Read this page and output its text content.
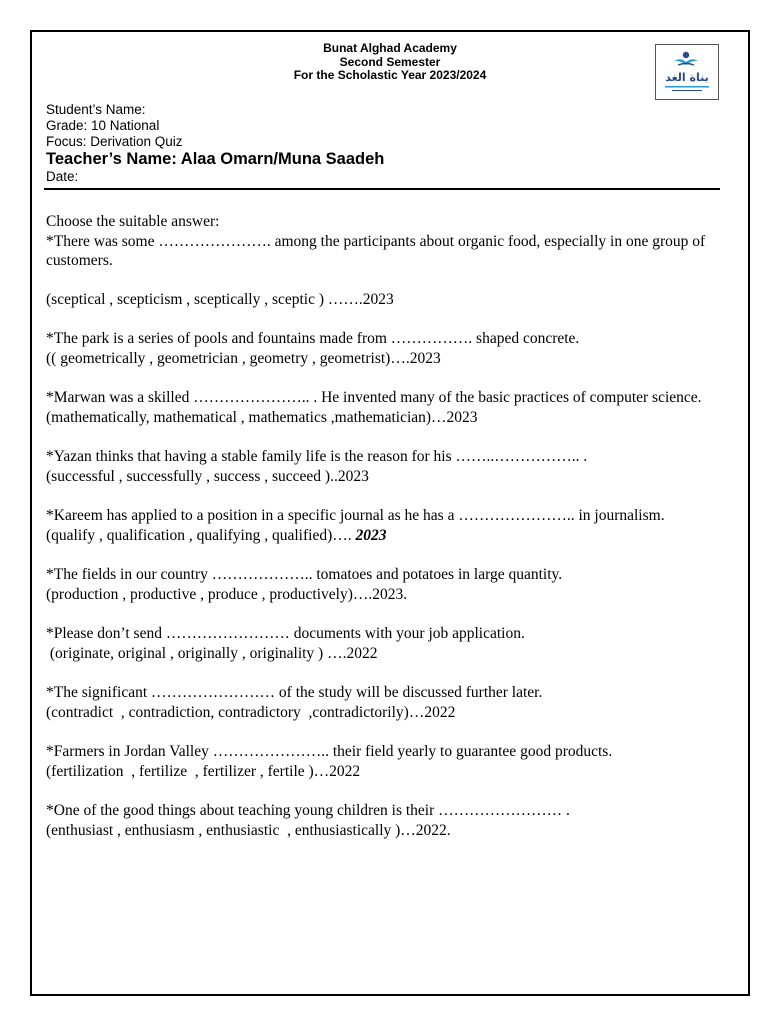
Bunat Alghad Academy
Second Semester
For the Scholastic Year 2023/2024	بناة الغد
Student’s Name:
Grade: 10 National
Focus: Derivation Quiz
Teacher’s Name: Alaa Omarn/Muna Saadeh
Date:

Choose the suitable answer:

*There was some …………………. among the participants about organic food, especially in one group of customers.

(sceptical , scepticism , sceptically , sceptic ) …….2023

*The park is a series of pools and fountains made from ……………. shaped concrete.

(( geometrically , geometrician , geometry , geometrist)….2023

*Marwan was a skilled ………………….. . He invented many of the basic practices of computer science.

(mathematically, mathematical , mathematics ,mathematician)…2023

*Yazan thinks that having a stable family life is the reason for his ……..…………….. .

(successful , successfully , success , succeed )..2023

*Kareem has applied to a position in a specific journal as he has a ………………….. in journalism.

(qualify , qualification , qualifying , qualified)…. 2023

*The fields in our country ……………….. tomatoes and potatoes in large quantity.

(production , productive , produce , productively)….2023.

*Please don’t send …………………… documents with your job application.

(originate, original , originally , originality ) ….2022

*The significant …………………… of the study will be discussed further later.

(contradict  , contradiction, contradictory  ,contradictorily)…2022

*Farmers in Jordan Valley ………………….. their field yearly to guarantee good products.

(fertilization  , fertilize  , fertilizer , fertile )…2022

*One of the good things about teaching young children is their …………………… .

(enthusiast , enthusiasm , enthusiastic  , enthusiastically )…2022.
